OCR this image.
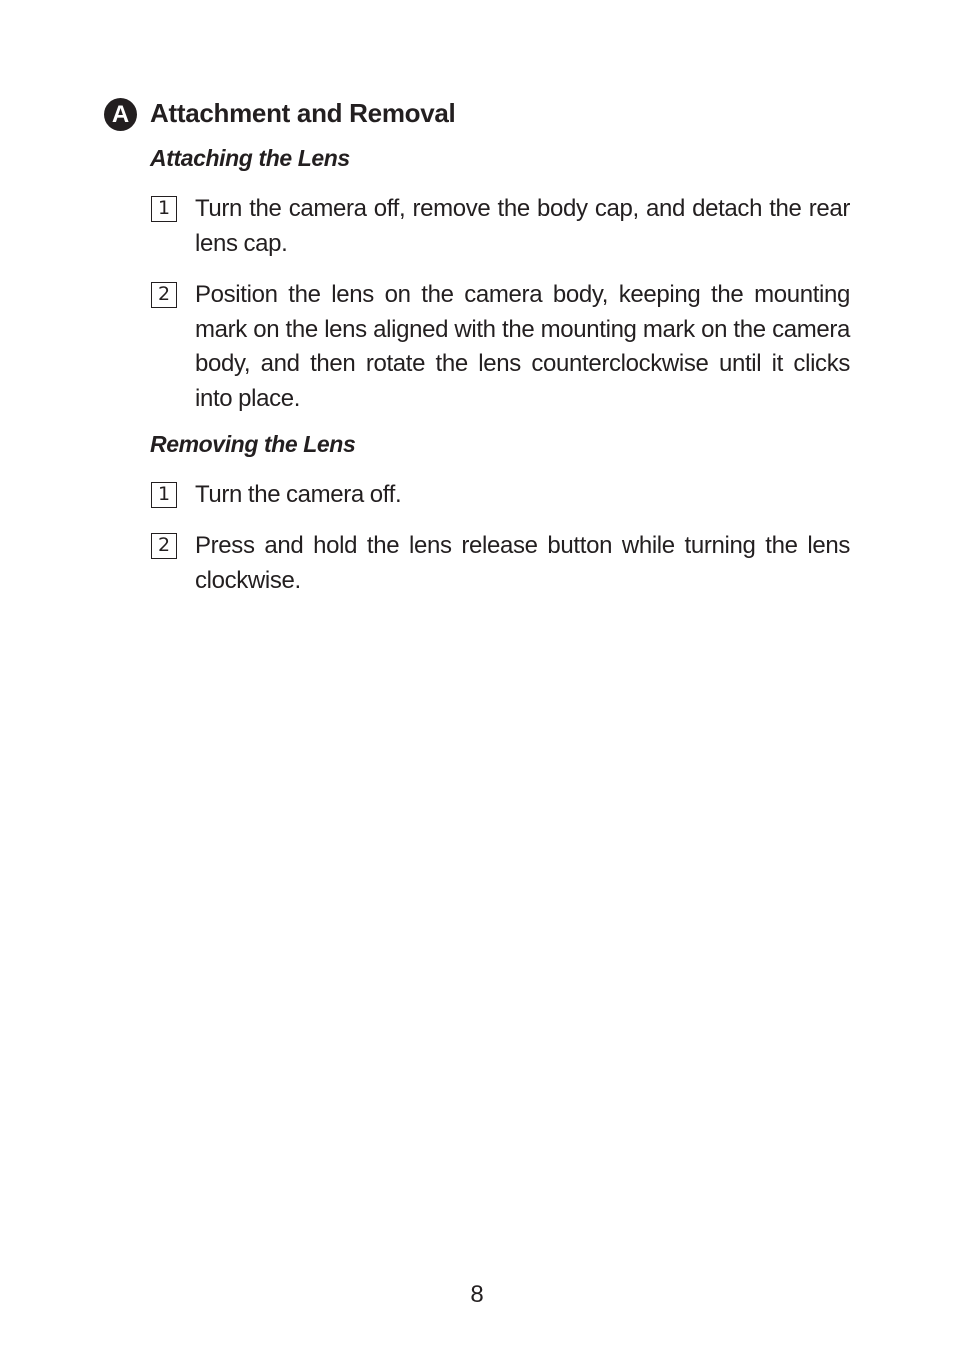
A Attachment and Removal
Attaching the Lens
1 Turn the camera off, remove the body cap, and detach the rear lens cap.
2 Position the lens on the camera body, keeping the mounting mark on the lens aligned with the mounting mark on the camera body, and then rotate the lens counterclockwise until it clicks into place.
Removing the Lens
1 Turn the camera off.
2 Press and hold the lens release button while turning the lens clockwise.
8
